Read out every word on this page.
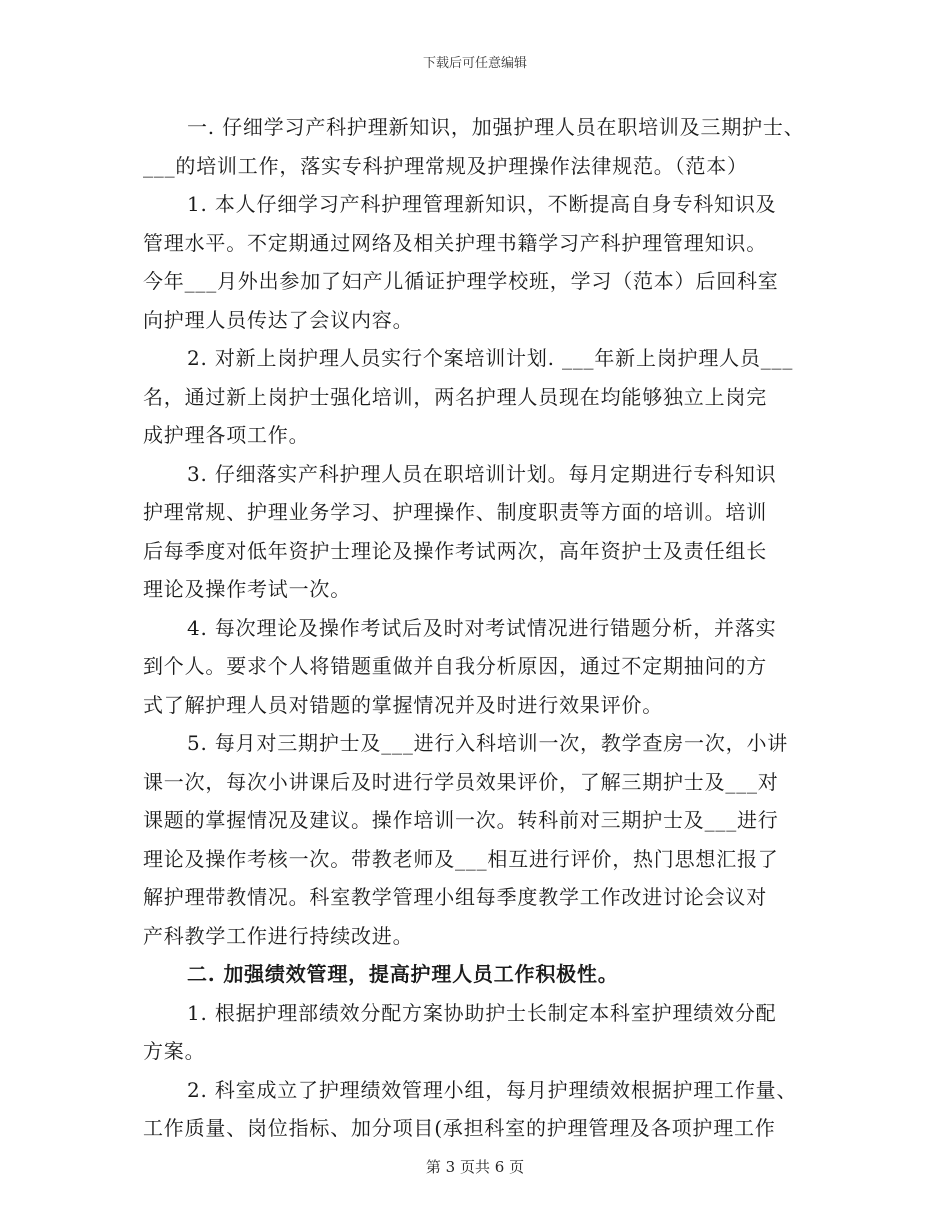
下载后可任意编辑
一. 仔细学习产科护理新知识，加强护理人员在职培训及三期护士、
___的培训工作，落实专科护理常规及护理操作法律规范。（范本）
1. 本人仔细学习产科护理管理新知识，不断提高自身专科知识及
管理水平。不定期通过网络及相关护理书籍学习产科护理管理知识。
今年___月外出参加了妇产儿循证护理学校班，学习（范本）后回科室
向护理人员传达了会议内容。
2. 对新上岗护理人员实行个案培训计划. ___年新上岗护理人员___
名，通过新上岗护士强化培训，两名护理人员现在均能够独立上岗完
成护理各项工作。
3. 仔细落实产科护理人员在职培训计划。每月定期进行专科知识
护理常规、护理业务学习、护理操作、制度职责等方面的培训。培训
后每季度对低年资护士理论及操作考试两次，高年资护士及责任组长
理论及操作考试一次。
4. 每次理论及操作考试后及时对考试情况进行错题分析，并落实
到个人。要求个人将错题重做并自我分析原因，通过不定期抽问的方
式了解护理人员对错题的掌握情况并及时进行效果评价。
5. 每月对三期护士及___进行入科培训一次，教学查房一次，小讲
课一次，每次小讲课后及时进行学员效果评价，了解三期护士及___对
课题的掌握情况及建议。操作培训一次。转科前对三期护士及___进行
理论及操作考核一次。带教老师及___相互进行评价，热门思想汇报了
解护理带教情况。科室教学管理小组每季度教学工作改进讨论会议对
产科教学工作进行持续改进。
二. 加强绩效管理，提高护理人员工作积极性。
1. 根据护理部绩效分配方案协助护士长制定本科室护理绩效分配
方案。
2. 科室成立了护理绩效管理小组，每月护理绩效根据护理工作量、
工作质量、岗位指标、加分项目(承担科室的护理管理及各项护理工作
第 3 页共 6 页
